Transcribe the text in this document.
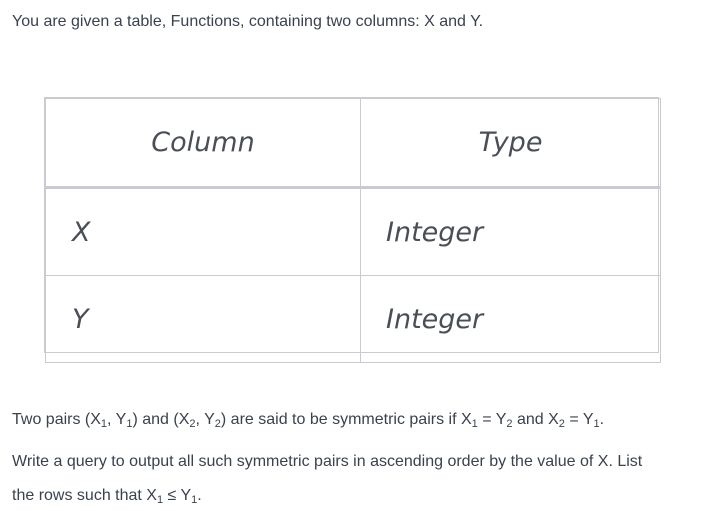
You are given a table, Functions, containing two columns: X and Y.

Column	Type
X	Integer
Y	Integer

Two pairs ($X_1$, $Y_1$) and ($X_2$, $Y_2$) are said to be symmetric pairs if $X_1 = Y_2$ and $X_2 = Y_1$.

Write a query to output all such symmetric pairs in ascending order by the value of X. List

the rows such that $X_1 \le Y_1$.
